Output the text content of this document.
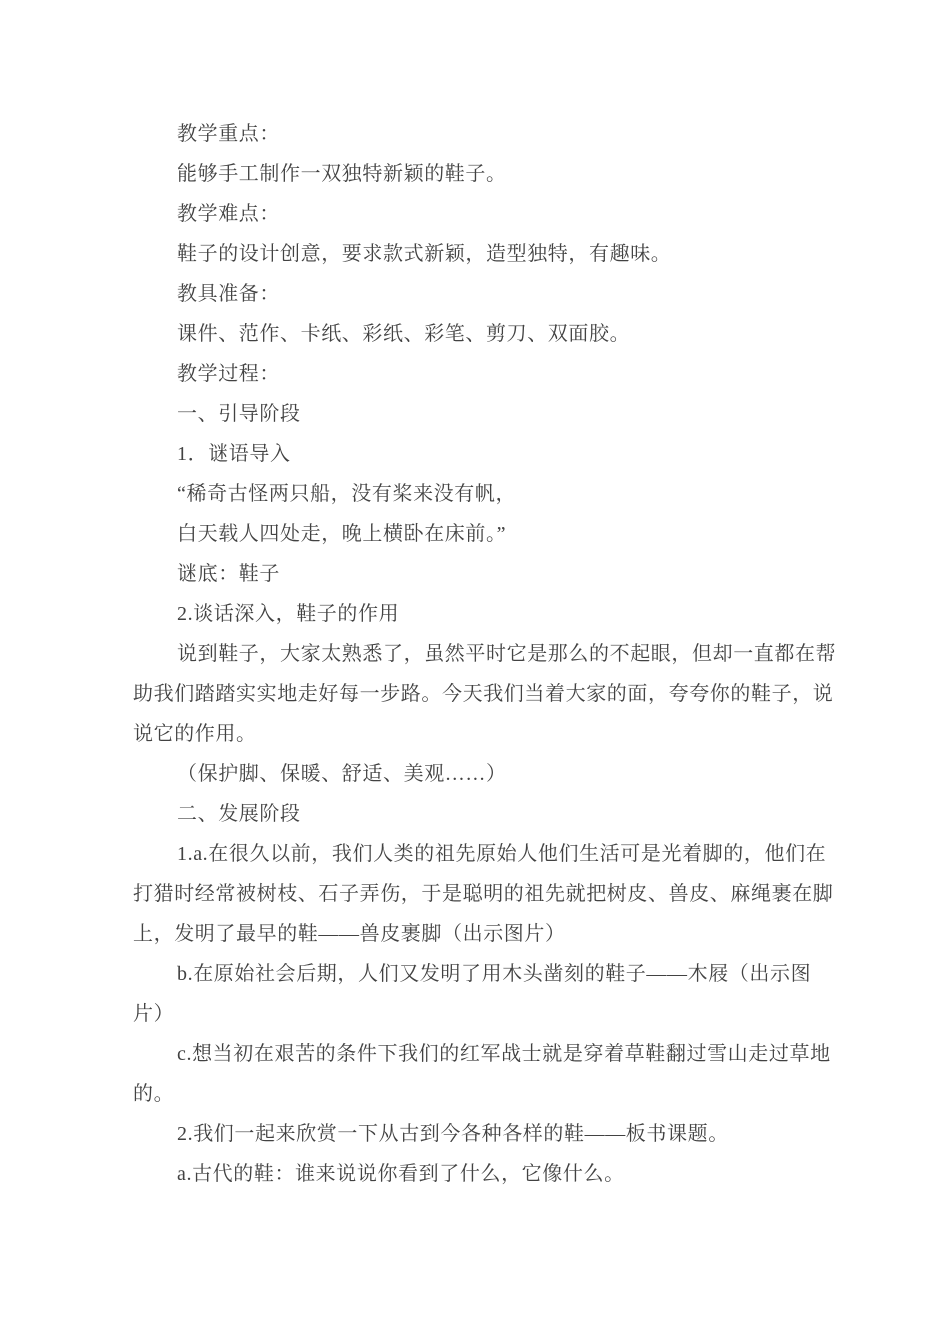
教学重点：
能够手工制作一双独特新颖的鞋子。
教学难点：
鞋子的设计创意，要求款式新颖，造型独特，有趣味。
教具准备：
课件、范作、卡纸、彩纸、彩笔、剪刀、双面胶。
教学过程：
一、引导阶段
1．谜语导入
“稀奇古怪两只船，没有桨来没有帆，
白天载人四处走，晚上横卧在床前。”
谜底：鞋子
2.谈话深入，鞋子的作用
说到鞋子，大家太熟悉了，虽然平时它是那么的不起眼，但却一直都在帮
助我们踏踏实实地走好每一步路。今天我们当着大家的面，夸夸你的鞋子，说
说它的作用。
（保护脚、保暖、舒适、美观……）
二、发展阶段
1.a.在很久以前，我们人类的祖先原始人他们生活可是光着脚的，他们在
打猎时经常被树枝、石子弄伤，于是聪明的祖先就把树皮、兽皮、麻绳裹在脚
上，发明了最早的鞋——兽皮裹脚（出示图片）
b.在原始社会后期，人们又发明了用木头凿刻的鞋子——木屐（出示图
片）
c.想当初在艰苦的条件下我们的红军战士就是穿着草鞋翻过雪山走过草地
的。
2.我们一起来欣赏一下从古到今各种各样的鞋——板书课题。
a.古代的鞋：谁来说说你看到了什么，它像什么。
